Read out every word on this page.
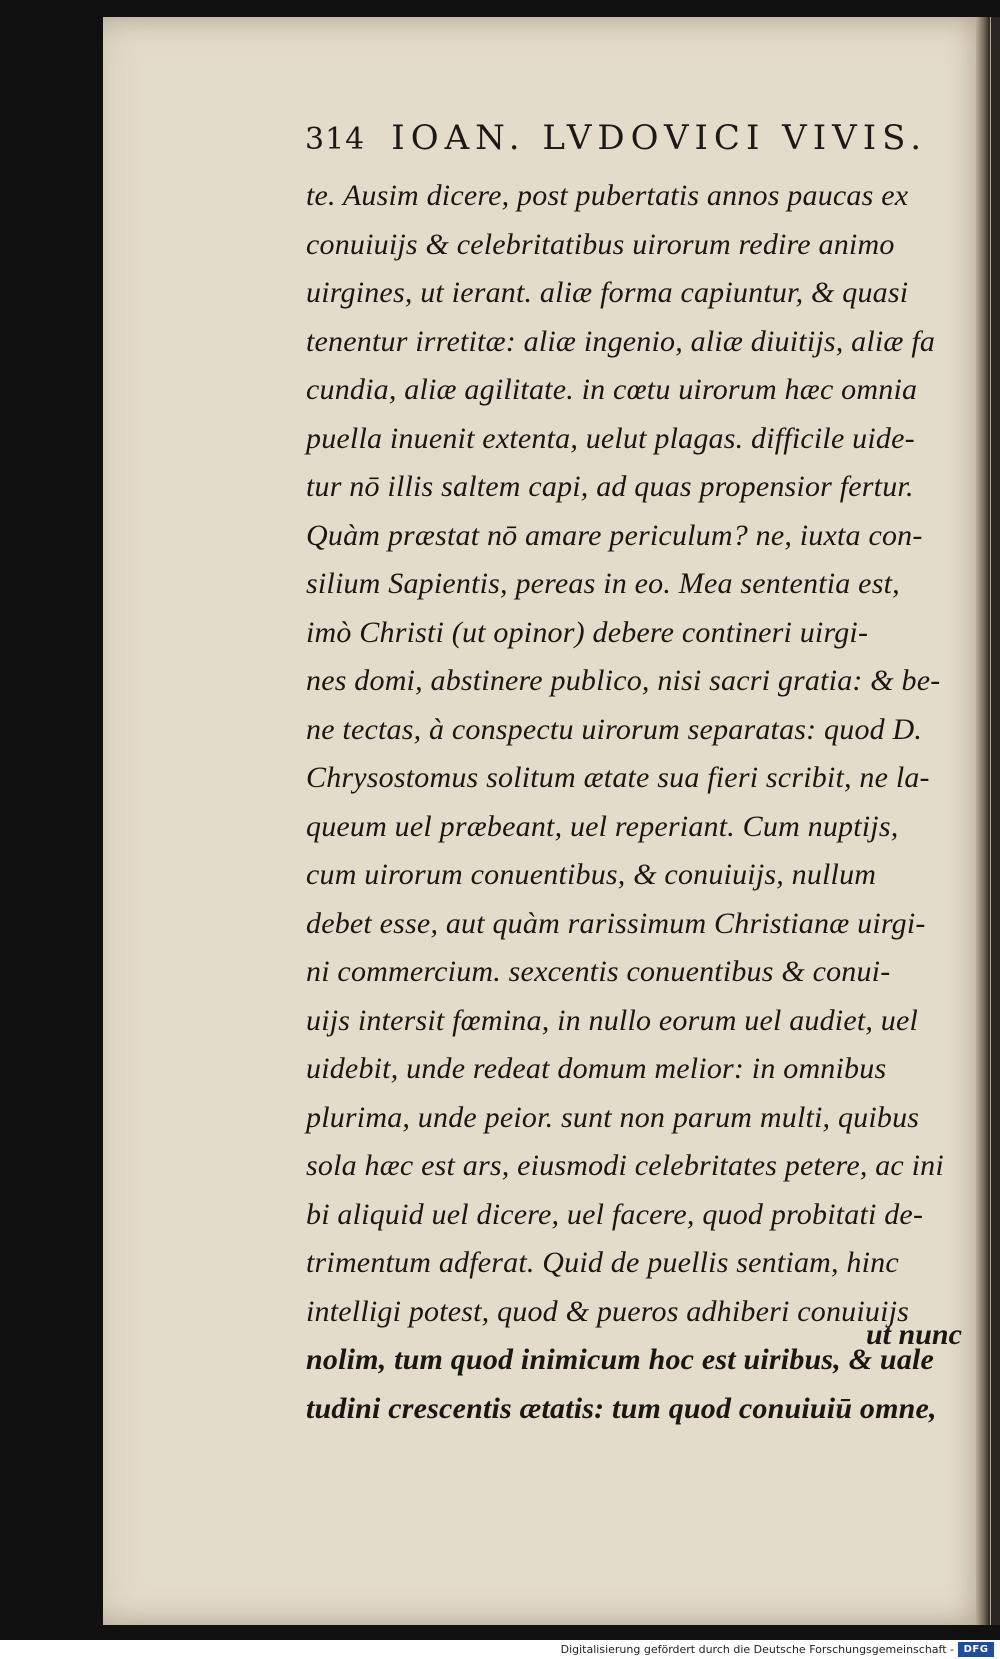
314 IOAN. LVDOVICI VIVIS.
te. Ausim dicere, post pubertatis annos paucas ex
conuiuijs & celebritatibus uirorum redire animo
uirgines, ut ierant. aliæ forma capiuntur, & quasi
tenentur irretitæ: aliæ ingenio, aliæ diuitijs, aliæ fa
cundia, aliæ agilitate. in cœtu uirorum hæc omnia
puella inuenit extenta, uelut plagas. difficile uide-
tur nō illis saltem capi, ad quas propensior fertur.
Quàm præstat nō amare periculum? ne, iuxta con-
silium Sapientis, pereas in eo. Mea sententia est,
imò Christi (ut opinor) debere contineri uirgi-
nes domi, abstinere publico, nisi sacri gratia: & be-
ne tectas, à conspectu uirorum separatas: quod D.
Chrysostomus solitum ætate sua fieri scribit, ne la-
queum uel præbeant, uel reperiant. Cum nuptijs,
cum uirorum conuentibus, & conuiuijs, nullum
debet esse, aut quàm rarissimum Christianæ uirgi-
ni commercium. sexcentis conuentibus & conui-
uijs intersit fœmina, in nullo eorum uel audiet, uel
uidebit, unde redeat domum melior: in omnibus
plurima, unde peior. sunt non parum multi, quibus
sola hæc est ars, eiusmodi celebritates petere, ac ini
bi aliquid uel dicere, uel facere, quod probitati de-
trimentum adferat. Quid de puellis sentiam, hinc
intelligi potest, quod & pueros adhiberi conuiuijs
nolim, tum quod inimicum hoc est uiribus, & uale
tudini crescentis ætatis: tum quod conuiuiū omne,
ut nunc
Digitalisierung gefördert durch die Deutsche Forschungsgemeinschaft - DFG
